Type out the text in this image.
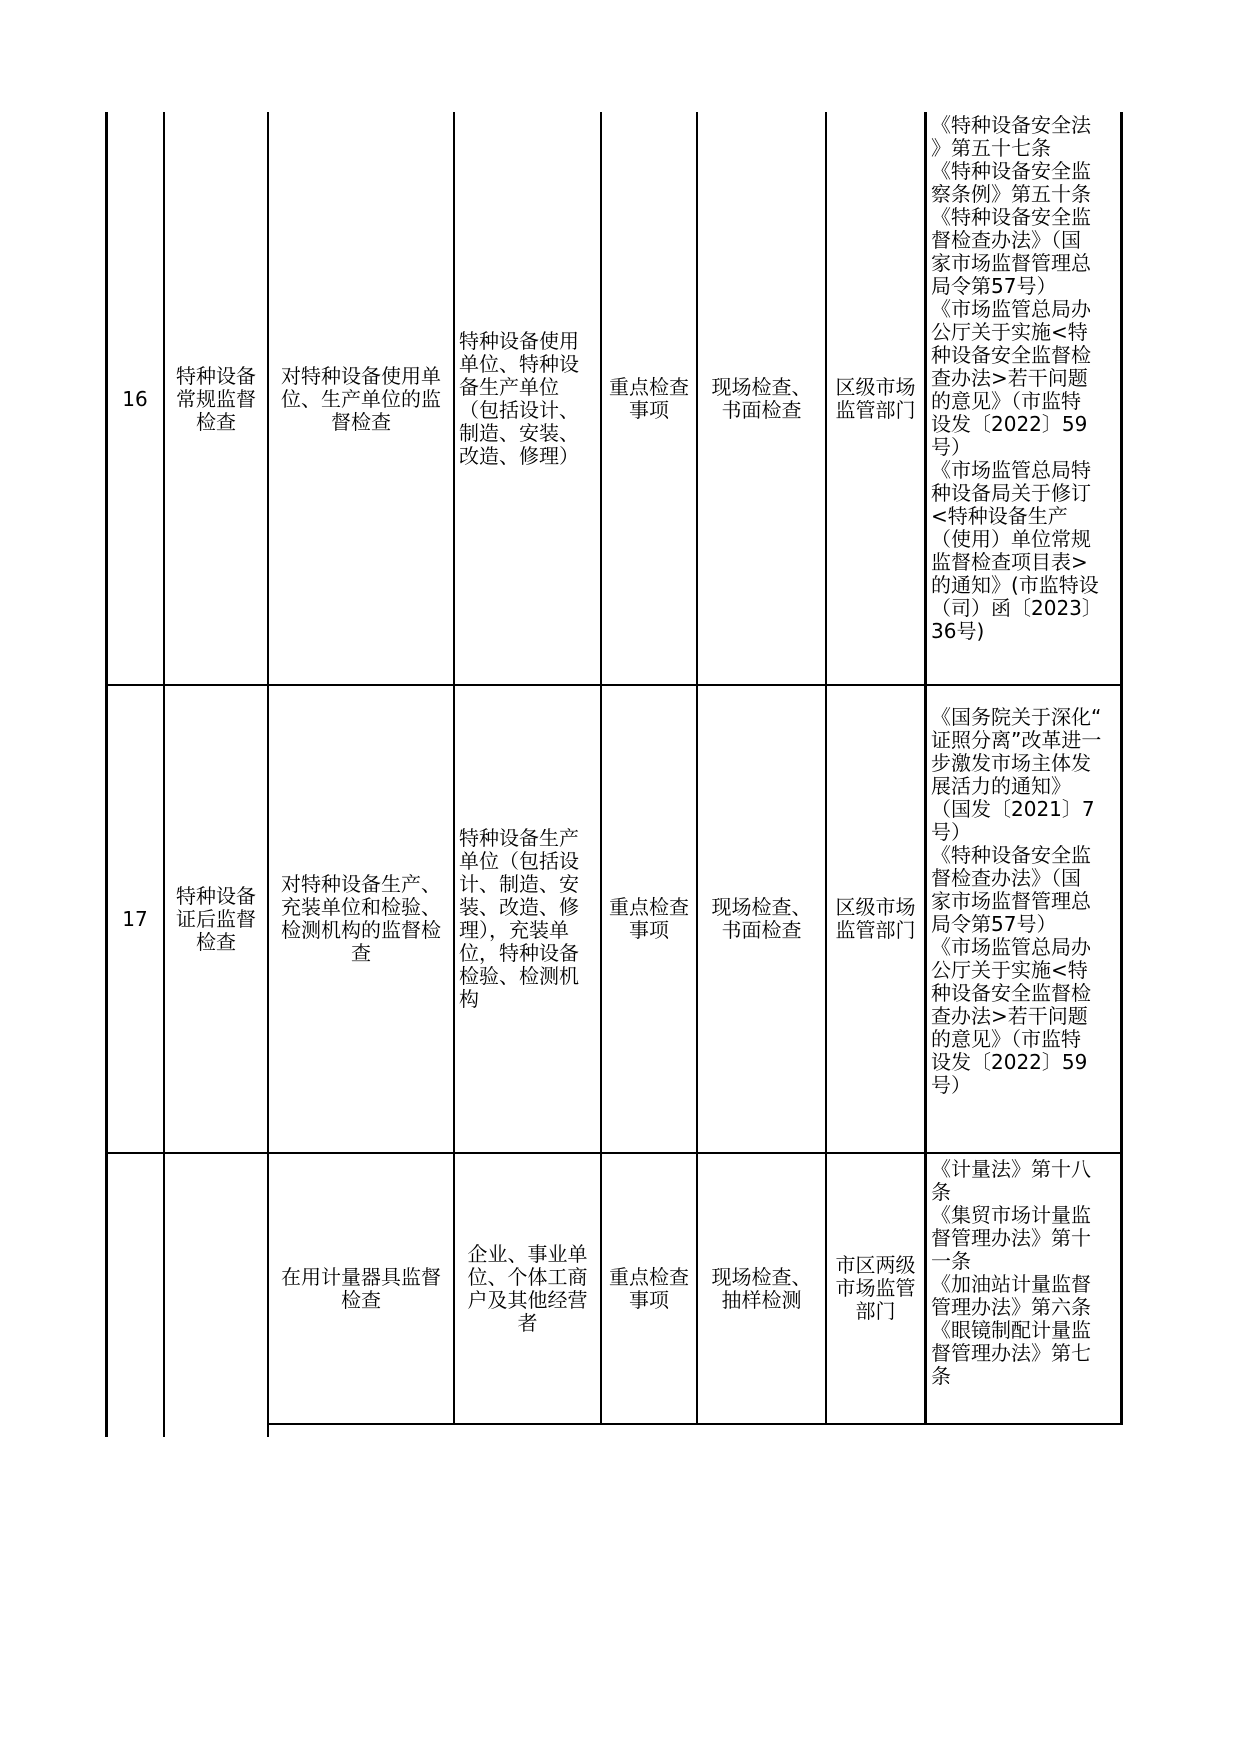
16
特种设备
常规监督
检查
对特种设备使用单
位、生产单位的监
督检查
特种设备使用
单位、特种设
备生产单位
（包括设计、
制造、安装、
改造、修理）
重点检查
事项
现场检查、
书面检查
区级市场
监管部门
《特种设备安全法
》第五十七条
《特种设备安全监
察条例》第五十条
《特种设备安全监
督检查办法》（国
家市场监督管理总
局令第57号）
《市场监管总局办
公厅关于实施<特
种设备安全监督检
查办法>若干问题
的意见》（市监特
设发〔2022〕59
号）
《市场监管总局特
种设备局关于修订
<特种设备生产
（使用）单位常规
监督检查项目表>
的通知》(市监特设
（司）函〔2023〕
36号)
17
特种设备
证后监督
检查
对特种设备生产、
充装单位和检验、
检测机构的监督检
查
特种设备生产
单位（包括设
计、制造、安
装、改造、修
理），充装单
位，特种设备
检验、检测机
构
重点检查
事项
现场检查、
书面检查
区级市场
监管部门
《国务院关于深化“
证照分离”改革进一
步激发市场主体发
展活力的通知》
（国发〔2021〕7
号）
《特种设备安全监
督检查办法》（国
家市场监督管理总
局令第57号）
《市场监管总局办
公厅关于实施<特
种设备安全监督检
查办法>若干问题
的意见》（市监特
设发〔2022〕59
号）
在用计量器具监督
检查
企业、事业单
位、个体工商
户及其他经营
者
重点检查
事项
现场检查、
抽样检测
市区两级
市场监管
部门
《计量法》第十八
条
《集贸市场计量监
督管理办法》第十
一条
《加油站计量监督
管理办法》第六条
《眼镜制配计量监
督管理办法》第七
条
